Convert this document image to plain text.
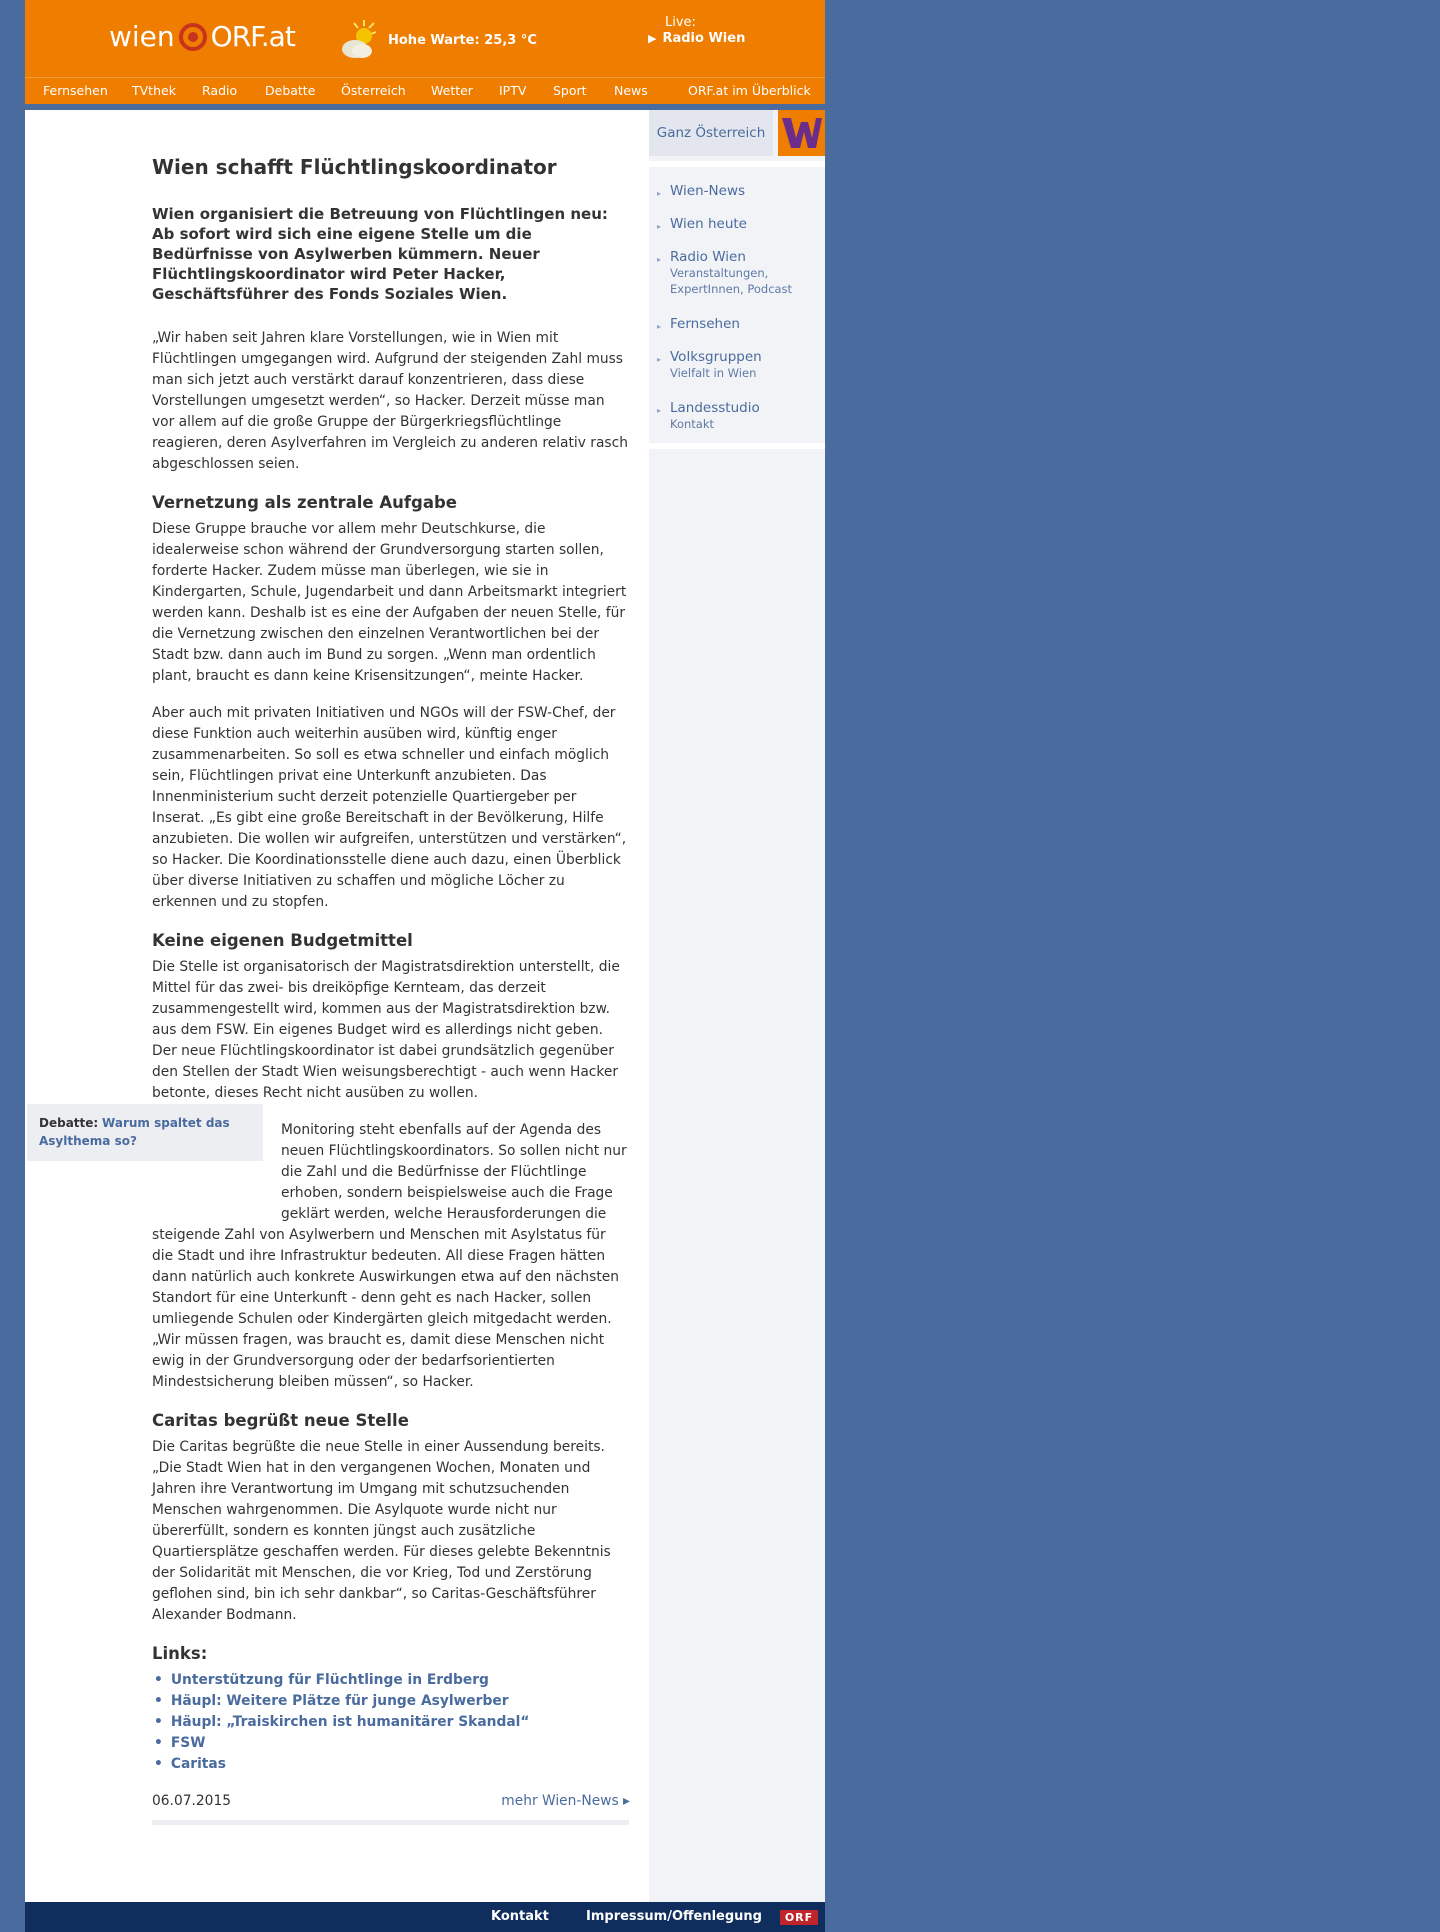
wien ORF.at	Hohe Warte: 25,3 °C
Live:
▶ Radio Wien
Fernsehen TVthek Radio Debatte Österreich Wetter IPTV Sport News	ORF.at im Überblick
Wien schafft Flüchtlingskoordinator
Wien organisiert die Betreuung von Flüchtlingen neu: Ab sofort wird sich eine eigene Stelle um die Bedürfnisse von Asylwerben kümmern. Neuer Flüchtlingskoordinator wird Peter Hacker, Geschäftsführer des Fonds Soziales Wien.

„Wir haben seit Jahren klare Vorstellungen, wie in Wien mit Flüchtlingen umgegangen wird. Aufgrund der steigenden Zahl muss man sich jetzt auch verstärkt darauf konzentrieren, dass diese Vorstellungen umgesetzt werden“, so Hacker. Derzeit müsse man vor allem auf die große Gruppe der Bürgerkriegsflüchtlinge reagieren, deren Asylverfahren im Vergleich zu anderen relativ rasch abgeschlossen seien.

Vernetzung als zentrale Aufgabe

Diese Gruppe brauche vor allem mehr Deutschkurse, die idealerweise schon während der Grundversorgung starten sollen, forderte Hacker. Zudem müsse man überlegen, wie sie in Kindergarten, Schule, Jugendarbeit und dann Arbeitsmarkt integriert werden kann. Deshalb ist es eine der Aufgaben der neuen Stelle, für die Vernetzung zwischen den einzelnen Verantwortlichen bei der Stadt bzw. dann auch im Bund zu sorgen. „Wenn man ordentlich plant, braucht es dann keine Krisensitzungen“, meinte Hacker.

Aber auch mit privaten Initiativen und NGOs will der FSW-Chef, der diese Funktion auch weiterhin ausüben wird, künftig enger zusammenarbeiten. So soll es etwa schneller und einfach möglich sein, Flüchtlingen privat eine Unterkunft anzubieten. Das Innenministerium sucht derzeit potenzielle Quartiergeber per Inserat. „Es gibt eine große Bereitschaft in der Bevölkerung, Hilfe anzubieten. Die wollen wir aufgreifen, unterstützen und verstärken“, so Hacker. Die Koordinationsstelle diene auch dazu, einen Überblick über diverse Initiativen zu schaffen und mögliche Löcher zu erkennen und zu stopfen.

Keine eigenen Budgetmittel

Die Stelle ist organisatorisch der Magistratsdirektion unterstellt, die Mittel für das zwei- bis dreiköpfige Kernteam, das derzeit zusammengestellt wird, kommen aus der Magistratsdirektion bzw. aus dem FSW. Ein eigenes Budget wird es allerdings nicht geben. Der neue Flüchtlingskoordinator ist dabei grundsätzlich gegenüber den Stellen der Stadt Wien weisungsberechtigt - auch wenn Hacker betonte, dieses Recht nicht ausüben zu wollen.

Monitoring steht ebenfalls auf der Agenda des neuen Flüchtlingskoordinators. So sollen nicht nur die Zahl und die Bedürfnisse der Flüchtlinge erhoben, sondern beispielsweise auch die Frage geklärt werden, welche Herausforderungen die steigende Zahl von Asylwerbern und Menschen mit Asylstatus für die Stadt und ihre Infrastruktur bedeuten. All diese Fragen hätten dann natürlich auch konkrete Auswirkungen etwa auf den nächsten Standort für eine Unterkunft - denn geht es nach Hacker, sollen umliegende Schulen oder Kindergärten gleich mitgedacht werden. „Wir müssen fragen, was braucht es, damit diese Menschen nicht ewig in der Grundversorgung oder der bedarfsorientierten Mindestsicherung bleiben müssen“, so Hacker.

Caritas begrüßt neue Stelle

Die Caritas begrüßte die neue Stelle in einer Aussendung bereits. „Die Stadt Wien hat in den vergangenen Wochen, Monaten und Jahren ihre Verantwortung im Umgang mit schutzsuchenden Menschen wahrgenommen. Die Asylquote wurde nicht nur übererfüllt, sondern es konnten jüngst auch zusätzliche Quartiersplätze geschaffen werden. Für dieses gelebte Bekenntnis der Solidarität mit Menschen, die vor Krieg, Tod und Zerstörung geflohen sind, bin ich sehr dankbar“, so Caritas-Geschäftsführer Alexander Bodmann.

Links:
• Unterstützung für Flüchtlinge in Erdberg
• Häupl: Weitere Plätze für junge Asylwerber
• Häupl: „Traiskirchen ist humanitärer Skandal“
• FSW
• Caritas
06.07.2015	mehr Wien-News ▸
Debatte: Warum spaltet das Asylthema so?
Ganz Österreich
▸ Wien-News
▸ Wien heute
▸ Radio Wien
Veranstaltungen, ExpertInnen, Podcast
▸ Fernsehen
▸ Volksgruppen
Vielfalt in Wien
▸ Landesstudio
Kontakt
Kontakt	Impressum/Offenlegung	ORF
